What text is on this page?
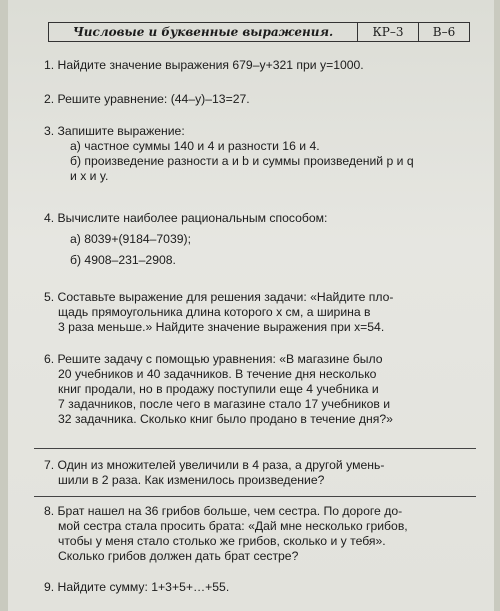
Числовые и буквенные выражения.	КР–3	В–6
1. Найдите значение выражения 679–y+321 при y=1000.
2. Решите уравнение: (44–y)–13=27.
3. Запишите выражение:
а) частное суммы 140 и 4 и разности 16 и 4.
б) произведение разности a и b и суммы произведений p и q
и x и y.
4. Вычислите наиболее рациональным способом:
а) 8039+(9184–7039);
б) 4908–231–2908.
5. Составьте выражение для решения задачи: «Найдите пло-
щадь прямоугольника длина которого x см, а ширина в
3 раза меньше.» Найдите значение выражения при x=54.
6. Решите задачу с помощью уравнения: «В магазине было
20 учебников и 40 задачников. В течение дня несколько
книг продали, но в продажу поступили еще 4 учебника и
7 задачников, после чего в магазине стало 17 учебников и
32 задачника. Сколько книг было продано в течение дня?»
7. Один из множителей увеличили в 4 раза, а другой умень-
шили в 2 раза. Как изменилось произведение?
8. Брат нашел на 36 грибов больше, чем сестра. По дороге до-
мой сестра стала просить брата: «Дай мне несколько грибов,
чтобы у меня стало столько же грибов, сколько и у тебя».
Сколько грибов должен дать брат сестре?
9. Найдите сумму: 1+3+5+…+55.
